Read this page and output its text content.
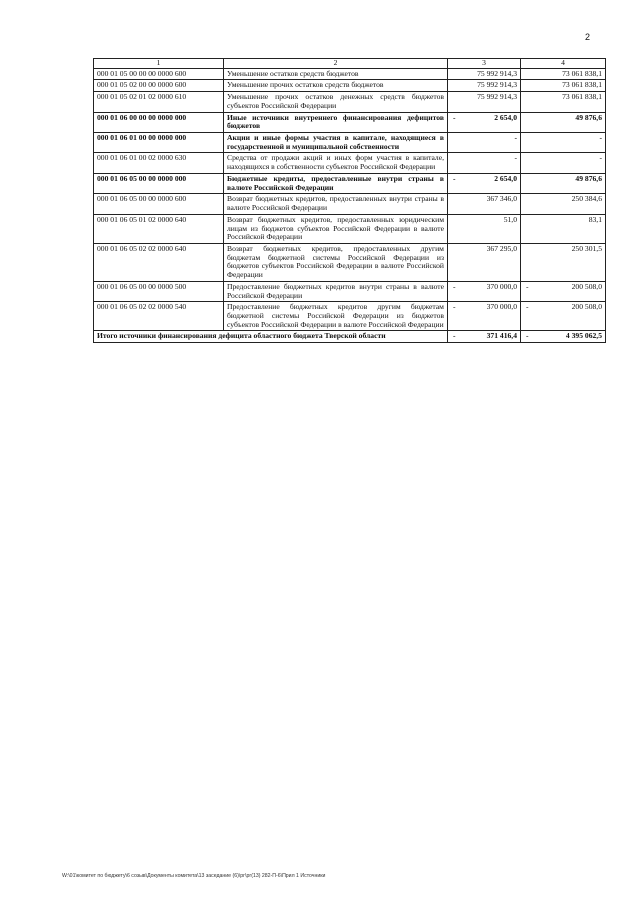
2
1	2	3	4
000 01 05 00 00 00 0000 600	Уменьшение остатков средств бюджетов	75 992 914,3	73 061 838,1
000 01 05 02 00 00 0000 600	Уменьшение прочих остатков средств бюджетов	75 992 914,3	73 061 838,1
000 01 05 02 01 02 0000 610	Уменьшение прочих остатков денежных средств бюджетов субъектов Российской Федерации	75 992 914,3	73 061 838,1
000 01 06 00 00 00 0000 000	Иные источники внутреннего финансирования дефицитов бюджетов	- 2 654,0	49 876,6
000 01 06 01 00 00 0000 000	Акции и иные формы участия в капитале, находящиеся в государственной и муниципальной собственности	-	-
000 01 06 01 00 02 0000 630	Средства от продажи акций и иных форм участия в капитале, находящихся в собственности субъектов Российской Федерации	-	-
000 01 06 05 00 00 0000 000	Бюджетные кредиты, предоставленные внутри страны в валюте Российской Федерации	- 2 654,0	49 876,6
000 01 06 05 00 00 0000 600	Возврат бюджетных кредитов, предоставленных внутри страны в валюте Российской Федерации	367 346,0	250 384,6
000 01 06 05 01 02 0000 640	Возврат бюджетных кредитов, предоставленных юридическим лицам из бюджетов субъектов Российской Федерации в валюте Российской Федерации	51,0	83,1
000 01 06 05 02 02 0000 640	Возврат бюджетных кредитов, предоставленных другим бюджетам бюджетной системы Российской Федерации из бюджетов субъектов Российской Федерации в валюте Российской Федерации	367 295,0	250 301,5
000 01 06 05 00 00 0000 500	Предоставление бюджетных кредитов внутри страны в валюте Российской Федерации	- 370 000,0	- 200 508,0
000 01 06 05 02 02 0000 540	Предоставление бюджетных кредитов другим бюджетам бюджетной системы Российской Федерации из бюджетов субъектов Российской Федерации в валюте Российской Федерации	- 370 000,0	- 200 508,0
Итого источники финансирования дефицита областного бюджета Тверской области		- 371 416,4	- 4 395 062,5
W:\01\комитет по бюджету\6 созыв\Документы комитета\13 заседание (6)\рг\рг(13) 282-П-6\Прил 1 Источники
